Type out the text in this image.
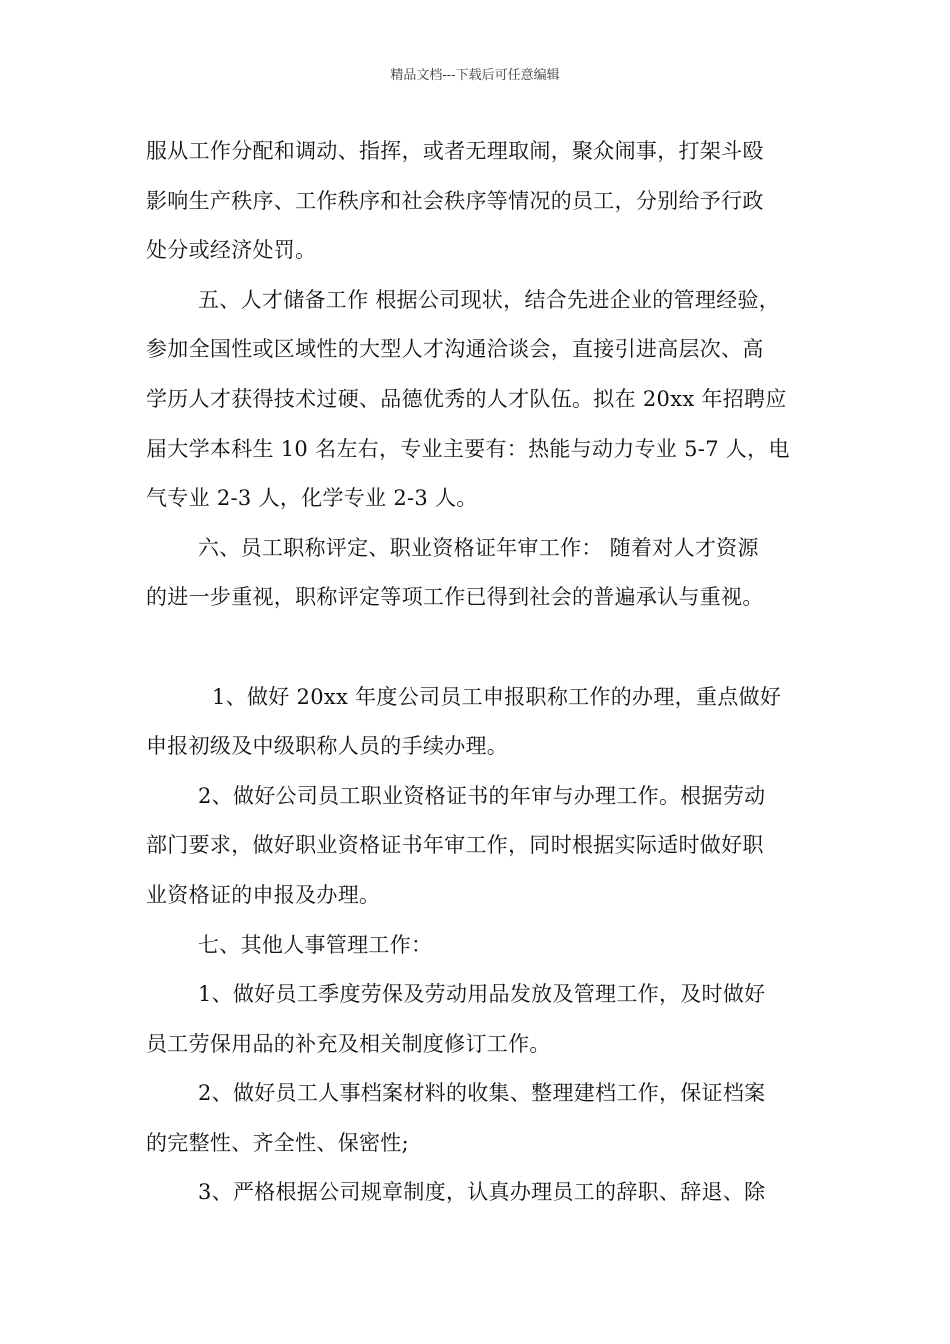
精品文档---下载后可任意编辑
服从工作分配和调动、指挥，或者无理取闹，聚众闹事，打架斗殴
影响生产秩序、工作秩序和社会秩序等情况的员工，分别给予行政
处分或经济处罚。
五、人才储备工作 根据公司现状，结合先进企业的管理经验，
参加全国性或区域性的大型人才沟通洽谈会，直接引进高层次、高
学历人才获得技术过硬、品德优秀的人才队伍。拟在 20xx 年招聘应
届大学本科生 10 名左右，专业主要有：热能与动力专业 5-7 人，电
气专业 2-3 人，化学专业 2-3 人。
六、员工职称评定、职业资格证年审工作： 随着对人才资源
的进一步重视，职称评定等项工作已得到社会的普遍承认与重视。
1、做好 20xx 年度公司员工申报职称工作的办理，重点做好
申报初级及中级职称人员的手续办理。
2、做好公司员工职业资格证书的年审与办理工作。根据劳动
部门要求，做好职业资格证书年审工作，同时根据实际适时做好职
业资格证的申报及办理。
七、其他人事管理工作：
1、做好员工季度劳保及劳动用品发放及管理工作，及时做好
员工劳保用品的补充及相关制度修订工作。
2、做好员工人事档案材料的收集、整理建档工作，保证档案
的完整性、齐全性、保密性;
3、严格根据公司规章制度，认真办理员工的辞职、辞退、除
